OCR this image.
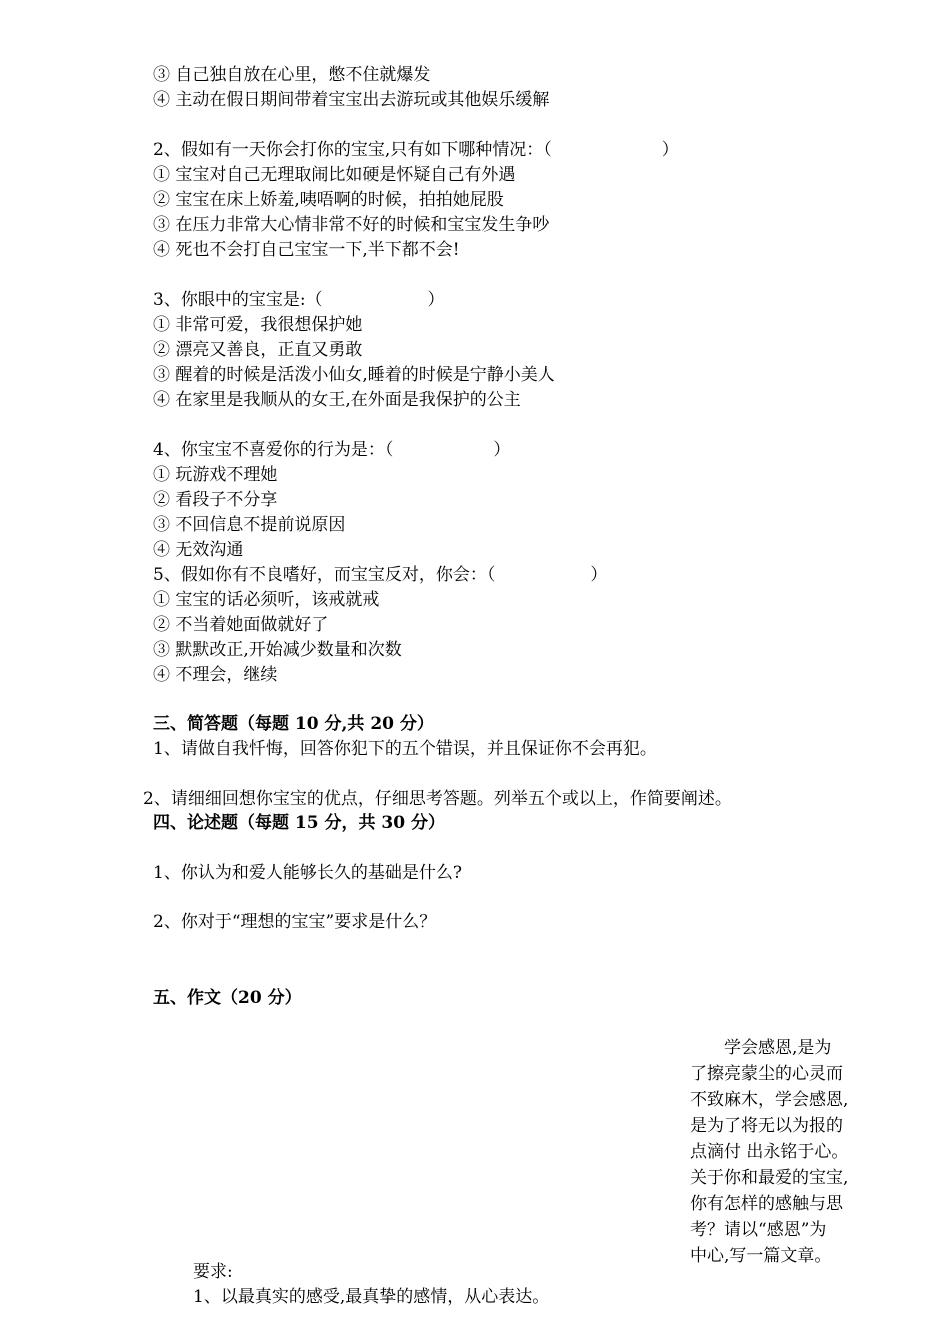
③ 自己独自放在心里，憋不住就爆发
④ 主动在假日期间带着宝宝出去游玩或其他娱乐缓解
2、假如有一天你会打你的宝宝,只有如下哪种情况：（	）
① 宝宝对自己无理取闹比如硬是怀疑自己有外遇
② 宝宝在床上娇羞,咦唔啊的时候，拍拍她屁股
③ 在压力非常大心情非常不好的时候和宝宝发生争吵
④ 死也不会打自己宝宝一下,半下都不会!
3、你眼中的宝宝是:（	）
① 非常可爱，我很想保护她
② 漂亮又善良，正直又勇敢
③ 醒着的时候是活泼小仙女,睡着的时候是宁静小美人
④ 在家里是我顺从的女王,在外面是我保护的公主
4、你宝宝不喜爱你的行为是：（	）
① 玩游戏不理她
② 看段子不分享
③ 不回信息不提前说原因
④ 无效沟通
5、假如你有不良嗜好，而宝宝反对，你会：（	）
① 宝宝的话必须听，该戒就戒
② 不当着她面做就好了
③ 默默改正,开始减少数量和次数
④ 不理会，继续
三、简答题（每题 10 分,共 20 分）
1、请做自我忏悔，回答你犯下的五个错误，并且保证你不会再犯。
2、请细细回想你宝宝的优点，仔细思考答题。列举五个或以上，作简要阐述。
四、论述题（每题 15 分，共 30 分）
1、你认为和爱人能够长久的基础是什么?
2、你对于“理想的宝宝”要求是什么？
五、作文（20 分）
　　学会感恩,是为
了擦亮蒙尘的心灵而
不致麻木，学会感恩,
是为了将无以为报的
点滴付 出永铭于心。
关于你和最爱的宝宝,
你有怎样的感触与思
考？请以“感恩”为
中心,写一篇文章。
要求:
1、以最真实的感受,最真挚的感情，从心表达。
